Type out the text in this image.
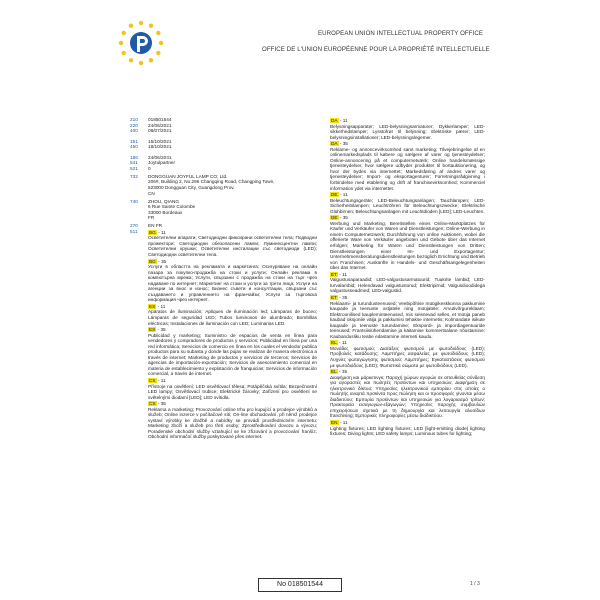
EUROPEAN UNION INTELLECTUAL PROPERTY OFFICE
OFFICE DE L'UNION EUROPÉENNE POUR LA PROPRIÉTÉ INTELLECTUELLE
210	018501544
220	24/06/2021
400	08/07/2021
151	15/10/2021
450	18/10/2021
186	24/06/2031
541	Joytulpartner
521	0
732	DONGGUAN JOYFUL LAMP CO; Ltd.
206#, Building 2, No.296 Changqing Road, Changping Town,
523000 Dongguan City, Guangdong Prov.
CN
740	ZHOU, QIANG
6 Rue Sainte Colombe
33000 Bordeaux
FR
270	EN FR
511	BG - 11
Осветителни апарати; Светодиодни фиксирани осветителни тела; Подводни прожектори; Светодиодни обезопасени лампи; Луминесцентни лампи; Осветителни крушки; Осветителни инсталации със светодиоди (LED); Светодиодни осветителни тела.
BG - 35
Услуги в областта на рекламата и маркетинга; Осигуряване на онлайн пазара за покупко-продажба на стоки и услуги; Онлайн реклама в компютърна мрежа; Услуги, свързани с продажба на стоки на търг чрез надаване по интернет; Маркетинг на стоки и услуги за трети лица; Услуги на агенции за внос и износ; Бизнес съвети и консултации, свързани със създаването и управлението на франчайзи; Услуги за търговска информация чрез интернет.
ES - 11
Aparatos de iluminación; Apliques de iluminación led; Lámparas de buceo; Lámparas de seguridad LED; Tubos luminosos de alumbrado; Bombillas eléctricas; Instalaciones de iluminación con LED; Luminarias LED.
ES - 35
Publicidad y marketing; Suministro de espacios de venta en línea para vendedores y compradores de productos y servicios; Publicidad en línea por una red informática; Servicios de comercio en línea en los cuales el vendedor publica productos para su subasta y donde las pujas se realizan de manera electrónica a través de internet; Marketing de productos y servicios de terceros; Servicios de agencias de importación-exportación; Servicios de asesoramiento comercial en materia de establecimiento y explotación de franquicias; Servicios de información comercial, a través de internet.
CS - 11
Přístroje na osvětlení; LED osvětlovací tělesa; Potápěčská svítila; Bezpečnostní LED lampy; Osvětlovací trubice; Elektrické žárovky; Zařízení pro osvětlení se světelnými diodami [LED]; LED svítidla.
CS - 35
Reklama a marketing; Provozování online trhu pro kupující a prodejce výrobků a služeb; Online inzerce v počítačové síti; On-line obchodování, při němž prodejce vystaví výrobky ke dražbě a nabídky se provádí prostřednictvím internetu; Marketing zboží a služeb pro třetí osoby; Zprostředkování dovozu a vývozu; Poradenské obchodní služby vztahující se ke zřizování a provozování franšíz; Obchodní informační služby poskytované přes internet.
DA - 11
Belysningsapparater; LED-belysningsarmaturer; Dykkerlamper; LED-sikkerhedslamper; Lysstofrør til belysning; Elektriske pærer; LED-belysningsinstallationer; LED-belysningslegemer.
DA - 35
Reklame- og annoncevirksomhed samt marketing; Tilvejebringelse af en onlinemarkedsplads til købere og sælgere af varer og tjenesteydelser; Online-annoncering på et computernetværk; Online handelsmæssige tjenesteydelser, hvor sælgere udbyder produkter til bortauktionering, og hvor der bydes via internettet; Markedsføring af andres varer og tjenesteydelser; Import- og eksportagenturer; Forretningsrådgivning i forbindelse med etablering og drift af franchisevirksomhed; Kommerciel information ydet via internettet.
DE - 11
Beleuchtungsgeräte; LED-Beleuchtungsanlagen; Tauchlampen; LED-Sicherheitslampen; Leuchtröhren für Beleuchtungszwecke; Elektrische Glühbirnen; Beleuchtungsanlagen mit Leuchtdioden [LED]; LED-Leuchten.
DE - 35
Werbung und Marketing; Bereitstellen eines Online-Marktplatzes für Käufer und Verkäufer von Waren und Dienstleistungen; Online-Werbung in einem Computernetzwerk; Durchführung von online Auktionen, wobei die offerierte Ware von Verkäufer angeboten und Gebote über das Internet erfolgen; Marketing für Waren und Dienstleistungen von Dritten; Dienstleistungen einer Im- und Exportagentur; Unternehmensberatungsdienstleistungen bezüglich Errichtung und Betrieb von Franchisen; Auskünfte in Handels- und Geschäftsangelegenheiten über das Internet.
ET - 11
Valgustusaparaadid; LED-valgustusarmatuurid; Tuukrite lambid; LED-turvalambid; Helendavad valgustustorud; Elektripirnid; Valgusdioodidega valgustusseadmed; LED-valgustid.
ET - 35
Reklaami- ja turundusteenused; Veebipõhise müügikeskkonna pakkumine kaupade ja teenuste ostjatele ning müüjatele; Arvutivõrgureklaam; Elektroonilised kaupleminteenused, mis seisnevad selles, et müüja paneb kaubad oksjonile välja ja pakkumisi tehakse internetis; Kolmandate isikute kaupade ja teenuste turundamine; Ekspordi- ja impordiagentuuride teenused; Frantsiisiühendamise ja käitamise kommertsalane nõustamine; Kaubandusliku teabe edastamine interneti kaudu.
EL - 11
Μονάδες φωτισμού; Διατάξεις φωτισμού με φωτοδιόδους (LED); Προβολείς κατάδυσης; Λαμπτήρες ασφαλείας με φωτοδιόδους (LED); Λυχνίες φωταγώγησης φωτισμού; Λαμπτήρες; Εγκαταστάσεις φωτισμού με φωτοδιόδους (LED); Φωτιστικά σώματα με φωτοδιόδους (LED).
EL - 35
Διαφήμιση και μάρκετινγκ; Παροχή χώρων αγορών σε απευθείας σύνδεση για αγοραστές και πωλητές προϊόντων και υπηρεσιών; Διαφήμιση σε ηλεκτρονικό δίκτυο; Υπηρεσίες ηλεκτρονικού εμπορίου στις οποίες ο πωλητής αναρτά προϊόντα προς πώληση και οι προσφορές γίνονται μέσω διαδικτύου; Εμπορία προϊόντων και υπηρεσιών για λογαριασμό τρίτων; Πρακτορεία εισαγωγών-εξαγωγών; Υπηρεσίες παροχής συμβουλών επιχειρήσεων σχετικά με τη δημιουργία και λειτουργία αλυσίδων franchising; Εμπορικές πληροφορίες μέσω διαδικτύου.
EN - 11
Lighting fixtures; LED lighting fixtures; LED [light-emitting diode] lighting fixtures; Diving lights; LED safety lamps; Luminous tubes for lighting;
No 018501544	1 / 3
